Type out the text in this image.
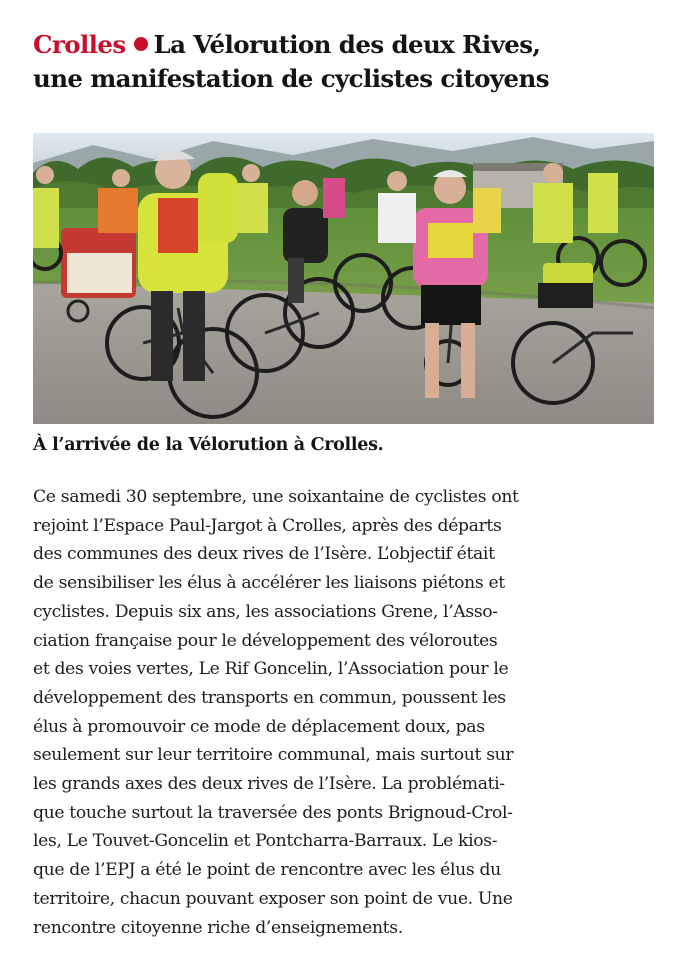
Crolles La Vélorution des deux Rives,
une manifestation de cyclistes citoyens
À l’arrivée de la Vélorution à Crolles.
Ce samedi 30 septembre, une soixantaine de cyclistes ont
rejoint l’Espace Paul-Jargot à Crolles, après des départs
des communes des deux rives de l’Isère. L’objectif était
de sensibiliser les élus à accélérer les liaisons piétons et
cyclistes. Depuis six ans, les associations Grene, l’Asso-
ciation française pour le développement des véloroutes
et des voies vertes, Le Rif Goncelin, l’Association pour le
développement des transports en commun, poussent les
élus à promouvoir ce mode de déplacement doux, pas
seulement sur leur territoire communal, mais surtout sur
les grands axes des deux rives de l’Isère. La problémati-
que touche surtout la traversée des ponts Brignoud-Crol-
les, Le Touvet-Goncelin et Pontcharra-Barraux. Le kios-
que de l’EPJ a été le point de rencontre avec les élus du
territoire, chacun pouvant exposer son point de vue. Une
rencontre citoyenne riche d’enseignements.
